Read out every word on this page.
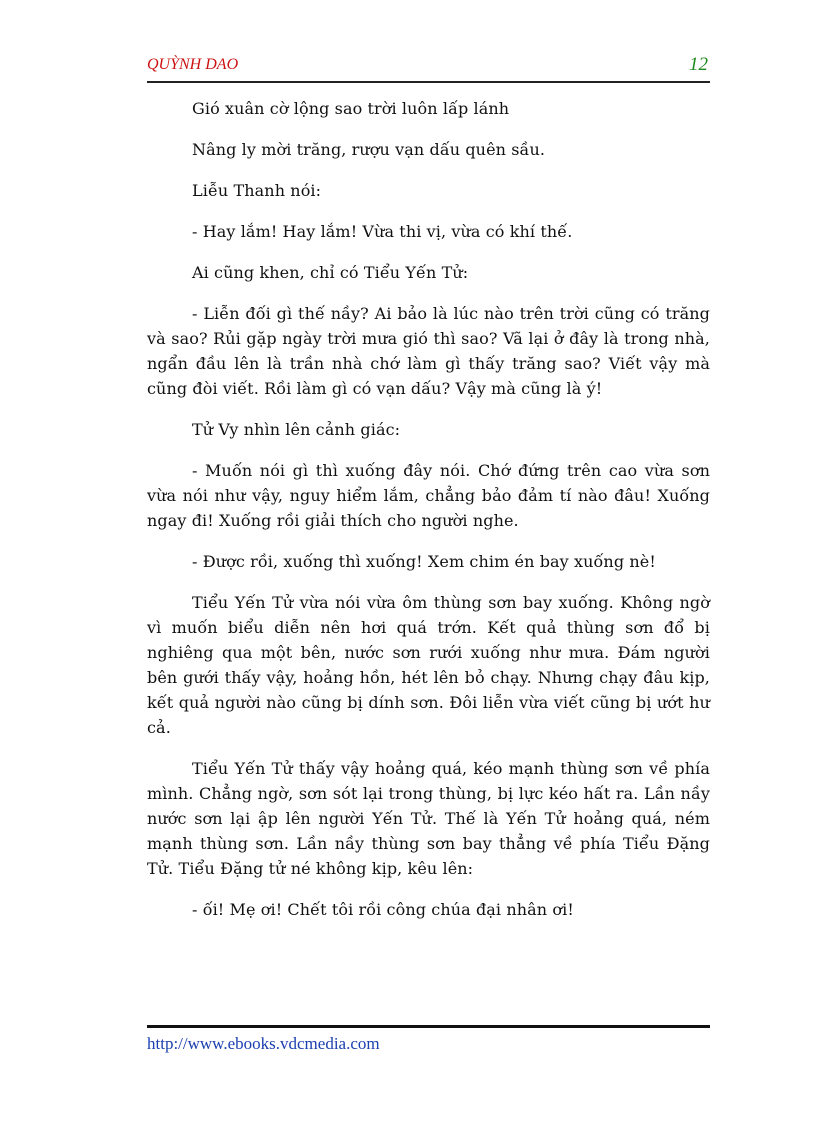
QUỲNH DAO	12

Gió xuân cờ lộng sao trời luôn lấp lánh

Nâng ly mời trăng, rượu vạn dấu quên sầu.

Liễu Thanh nói:

- Hay lắm! Hay lắm! Vừa thi vị, vừa có khí thế.

Ai cũng khen, chỉ có Tiểu Yến Tử:

- Liễn đối gì thế nầy? Ai bảo là lúc nào trên trời cũng có trăng và sao? Rủi gặp ngày trời mưa gió thì sao? Vã lại ở đây là trong nhà, ngẩn đầu lên là trần nhà chớ làm gì thấy trăng sao? Viết vậy mà cũng đòi viết. Rồi làm gì có vạn dấu? Vậy mà cũng là ý!

Tử Vy nhìn lên cảnh giác:

- Muốn nói gì thì xuống đây nói. Chớ đứng trên cao vừa sơn vừa nói như vậy, nguy hiểm lắm, chẳng bảo đảm tí nào đâu! Xuống ngay đi! Xuống rồi giải thích cho người nghe.

- Được rồi, xuống thì xuống! Xem chim én bay xuống nè!

Tiểu Yến Tử vừa nói vừa ôm thùng sơn bay xuống. Không ngờ vì muốn biểu diễn nên hơi quá trớn. Kết quả thùng sơn đổ bị nghiêng qua một bên, nước sơn rưới xuống như mưa. Đám người bên gưới thấy vậy, hoảng hồn, hét lên bỏ chạy. Nhưng chạy đâu kịp, kết quả người nào cũng bị dính sơn. Đôi liễn vừa viết cũng bị ướt hư cả.

Tiểu Yến Tử thấy vậy hoảng quá, kéo mạnh thùng sơn về phía mình. Chẳng ngờ, sơn sót lại trong thùng, bị lực kéo hất ra. Lần nầy nước sơn lại ập lên người Yến Tử. Thế là Yến Tử hoảng quá, ném mạnh thùng sơn. Lần nầy thùng sơn bay thẳng về phía Tiểu Đặng Tử. Tiểu Đặng tử né không kịp, kêu lên:

- ối! Mẹ ơi! Chết tôi rồi công chúa đại nhân ơi!

http://www.ebooks.vdcmedia.com
